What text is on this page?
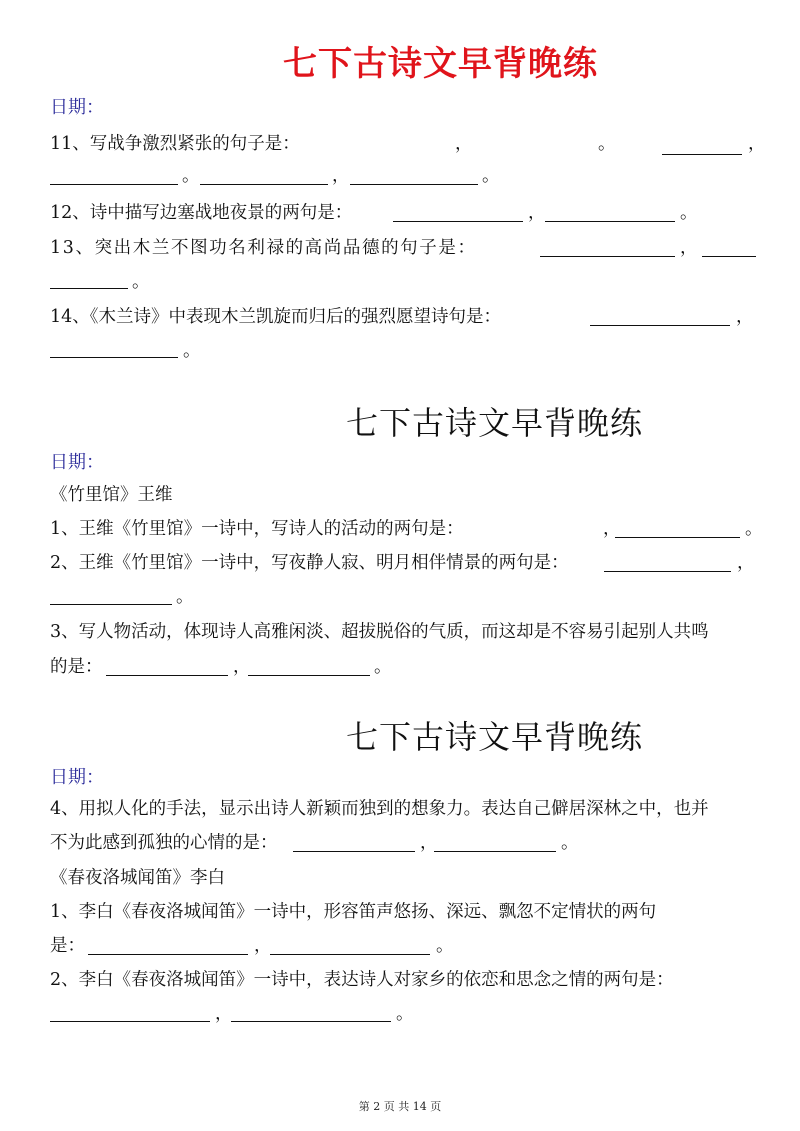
七下古诗文早背晚练
日期：
11、写战争激烈紧张的句子是：	，	。	，
。	，	。
12、诗中描写边塞战地夜景的两句是：	，	。
13、突出木兰不图功名利禄的高尚品德的句子是：	，
。
14、《木兰诗》中表现木兰凯旋而归后的强烈愿望诗句是：	，
。
七下古诗文早背晚练
日期：
《竹里馆》王维
1、王维《竹里馆》一诗中，写诗人的活动的两句是：	，	。
2、王维《竹里馆》一诗中，写夜静人寂、明月相伴情景的两句是：	，
。
3、写人物活动，体现诗人高雅闲淡、超拔脱俗的气质，而这却是不容易引起别人共鸣
的是：	，	。
七下古诗文早背晚练
日期：
4、用拟人化的手法，显示出诗人新颖而独到的想象力。表达自己僻居深林之中，也并
不为此感到孤独的心情的是：	，	。
《春夜洛城闻笛》李白
1、李白《春夜洛城闻笛》一诗中，形容笛声悠扬、深远、飘忽不定情状的两句
是：	，	。
2、李白《春夜洛城闻笛》一诗中，表达诗人对家乡的依恋和思念之情的两句是：
，	。
第 2 页 共 14 页
